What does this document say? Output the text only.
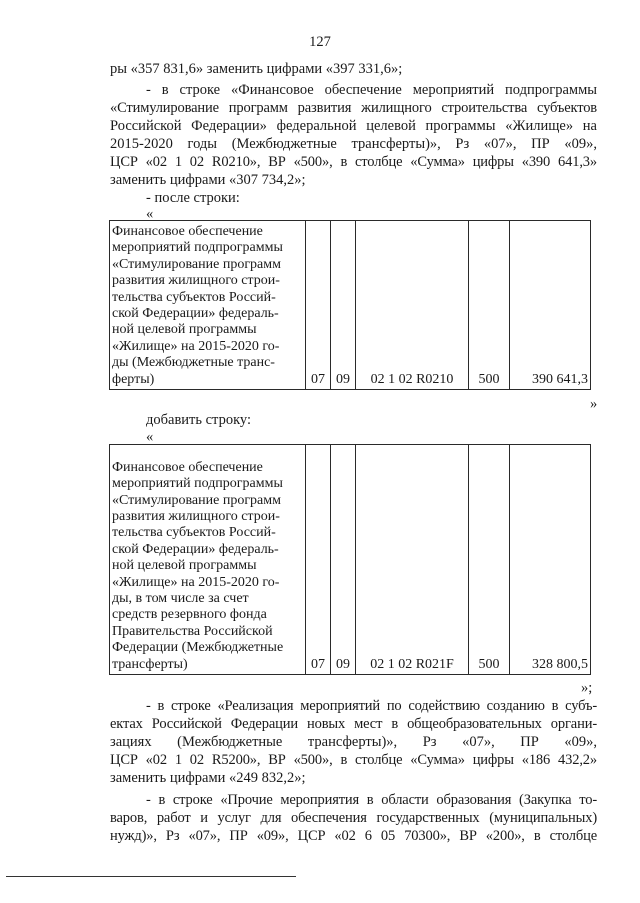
127
ры «357 831,6» заменить цифрами «397 331,6»;
- в строке «Финансовое обеспечение мероприятий подпрограммы
«Стимулирование программ развития жилищного строительства субъектов
Российской Федерации» федеральной целевой программы «Жилище» на
2015-2020 годы (Межбюджетные трансферты)», Рз «07», ПР «09»,
ЦСР «02 1 02 R0210», ВР «500», в столбце «Сумма» цифры «390 641,3»
заменить цифрами «307 734,2»;
- после строки:
«
Финансовое обеспечение
мероприятий подпрограммы
«Стимулирование программ
развития жилищного строи-
тельства субъектов Россий-
ской Федерации» федераль-
ной целевой программы
«Жилище» на 2015-2020 го-
ды (Межбюджетные транс-
ферты)	07	09	02 1 02 R0210	500	390 641,3
»
добавить строку:
«
Финансовое обеспечение
мероприятий подпрограммы
«Стимулирование программ
развития жилищного строи-
тельства субъектов Россий-
ской Федерации» федераль-
ной целевой программы
«Жилище» на 2015-2020 го-
ды, в том числе за счет
средств резервного фонда
Правительства Российской
Федерации (Межбюджетные
трансферты)	07	09	02 1 02 R021F	500	328 800,5
»;
- в строке «Реализация мероприятий по содействию созданию в субъ-
ектах Российской Федерации новых мест в общеобразовательных органи-
зациях (Межбюджетные трансферты)», Рз «07», ПР «09»,
ЦСР «02 1 02 R5200», ВР «500», в столбце «Сумма» цифры «186 432,2»
заменить цифрами «249 832,2»;
- в строке «Прочие мероприятия в области образования (Закупка то-
варов, работ и услуг для обеспечения государственных (муниципальных)
нужд)», Рз «07», ПР «09», ЦСР «02 6 05 70300», ВР «200», в столбце
